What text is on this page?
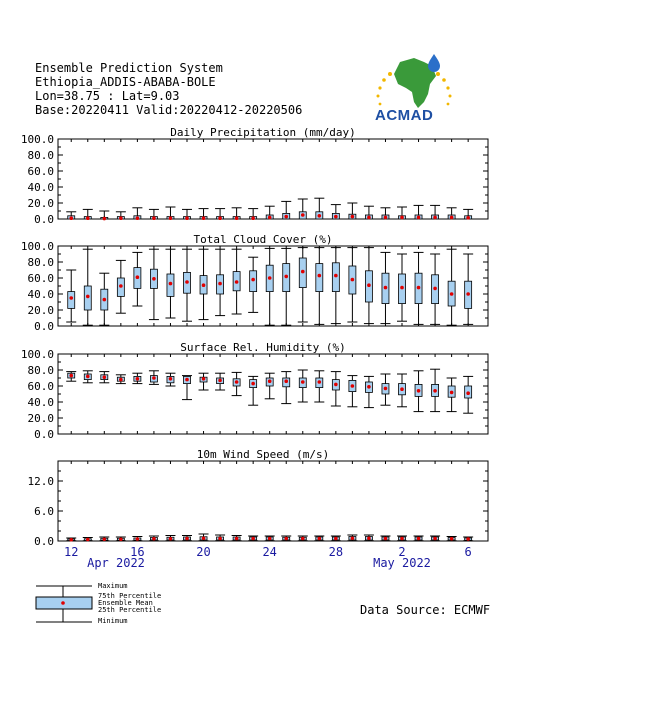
Ensemble Prediction System
Ethiopia_ADDIS-ABABA-BOLE
Lon=38.75 : Lat=9.03
Base:20220411 Valid:20220412-20220506	ACMAD
Daily Precipitation (mm/day)
0.0
20.0
40.0
60.0
80.0
100.0
Total Cloud Cover (%)
0.0
20.0
40.0
60.0
80.0
100.0
Surface Rel. Humidity (%)
0.0
20.0
40.0
60.0
80.0
100.0
10m Wind Speed (m/s)
0.0
6.0
12.0
12	16	20	24	28	2	6
Apr 2022	May 2022
Maximum
75th Percentile
Ensemble Mean
25th Percentile
Minimum
Data Source: ECMWF
